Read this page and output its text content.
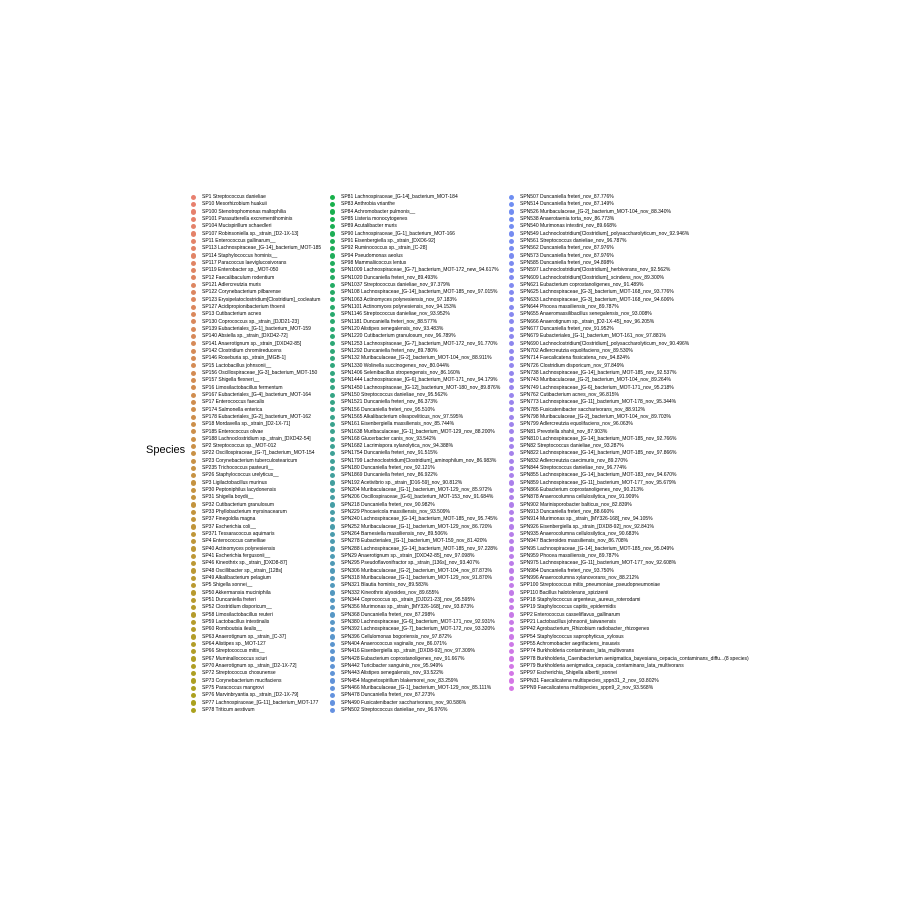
Species
SP1 Streptococcus danieliae
SP10 Mesorhizobium huakuii
SP100 Stenotrophomonas maltophilia
SP101 Parasutterella excrementihominis
SP104 Mucispirillum schaedleri
SP107 Robinsoniella sp._strain_[D2-1X-13]
SP11 Enterococcus gallinarum__
SP113 Lachnospiraceae_[G-14]_bacterium_MOT-185
SP114 Staphylococcus hominis__
SP117 Paracoccus laeviglucosivorans
SP119 Enterobacter sp._MOT-050
SP12 Faecalibaculum rodentium
SP121 Adlercreutzia muris
SP122 Corynebacterium pilbarense
SP123 Erysipelatoclostridium[Clostridium]_cocleatum
SP127 Acidipropionibacterium thoenii
SP13 Cutibacterium acnes
SP130 Coprococcus sp._strain_[DJD21-23]
SP139 Eubacteriales_[G-1]_bacterium_MOT-159
SP140 Absiella sp._strain_[DXD42-72]
SP141 Anaerotignum sp._strain_[DXD42-85]
SP142 Clostridium chromiireducens
SP146 Roseburia sp._strain_[MGB-1]
SP15 Lactobacillus johnsonii__
SP156 Oscillospiraceae_[G-3]_bacterium_MOT-150
SP157 Shigella flexneri__
SP16 Limosilactobacillus fermentum
SP167 Eubacteriales_[G-4]_bacterium_MOT-164
SP17 Enterococcus faecalis
SP174 Salmonella enterica
SP178 Eubacteriales_[G-2]_bacterium_MOT-162
SP18 Mordavella sp._strain_[D2-1X-71]
SP185 Enterococcus olivae
SP188 Lachnoclostridium sp._strain_[DXD42-54]
SP2 Streptococcus sp._MOT-012
SP22 Oscillospiraceae_[G-7]_bacterium_MOT-154
SP23 Corynebacterium tuberculostearicum
SP235 Trichococcus pasteurii__
SP26 Staphylococcus urelyticus__
SP3 Ligilactobacillus murinus
SP30 Peptoniphilus lacydonensis
SP31 Shigella boydii__
SP32 Cutibacterium granulosum
SP33 Phyllobacterium myrsinacearum
SP37 Finegoldia magna
SP37 Escherichia coli__
SP371 Tessaracoccus aquimaris
SP4 Enterococcus camelliae
SP40 Actinomyces polynesiensis
SP41 Escherichia fergusonii__
SP46 Kineothrix sp._strain_[DXD8-87]
SP48 Oscillibacter sp._strain_[128s]
SP49 Alkalibacterium pelagium
SP5 Shigella sonnei__
SP50 Akkermansia muciniphila
SP51 Duncaniella freteri
SP52 Clostridium disporicum__
SP58 Limosilactobacillus reuteri
SP59 Lactobacillus intestinalis
SP60 Romboutsia ilealis__
SP63 Anaerotignum sp._strain_[C-37]
SP64 Alistipes sp._MOT-127
SP66 Streptococcus mitis__
SP67 Muminallococcus sciuri
SP70 Anaerotignum sp._strain_[D2-1X-72]
SP72 Streptococcus chosunense
SP73 Corynebacterium mucifaciens
SP75 Paracoccus mangrovi
SP76 Marvinbryantia sp._strain_[D2-1X-79]
SP77 Lachnospiraceae_[G-11]_bacterium_MOT-177
SP78 Triticum aestivum
SP81 Lachnospiraceae_[G-14]_bacterium_MOT-184
SP83 Anthrobia vrianthe
SP84 Achromobacter pulmonis__
SP85 Listeria monocytogenes
SP89 Acutalibacter muris
SP90 Lachnospiraceae_[G-1]_bacterium_MOT-166
SP91 Eisenbergiella sp._strain_[DXD6-92]
SP92 Ruminococcus sp._strain_[C-28]
SP94 Pseudomonas aeolus
SP98 Mammaliicoccus lentus
SPN1009 Lachnospiraceae_[G-7]_bacterium_MOT-172_new_94.617%
SPN1020 Duncaniella freteri_nov_89.493%
SPN1037 Streptococcus danieliae_nov_97.379%
SPN108 Lachnospiraceae_[G-14]_bacterium_MOT-185_nov_97.015%
SPN1063 Actinomyces polynesiensis_nov_97.183%
SPN1101 Actinomyces polynesiensis_nov_94.153%
SPN1146 Streptococcus danieliae_nov_93.952%
SPN1181 Duncaniella freteri_nov_88.577%
SPN120 Alistipes senegalensis_nov_93.483%
SPN1220 Cutibacterium granulosum_nov_96.789%
SPN1253 Lachnospiraceae_[G-7]_bacterium_MOT-172_nov_91.770%
SPN1292 Duncaniella freteri_nov_89.780%
SPN132 Muribaculaceae_[G-2]_bacterium_MOT-104_nov_88.911%
SPN1330 Wolinella succinogenes_nov_80.044%
SPN1406 Selenibacillus stropengensis_nov_86.160%
SPN1444 Lachnospiraceae_[G-6]_bacterium_MOT-171_nov_94.179%
SPN1450 Lachnospiraceae_[G-12]_bacterium_MOT-180_nov_89.876%
SPN150 Streptococcus danieliae_nov_95.562%
SPN1521 Duncaniella freteri_nov_86.373%
SPN156 Duncaniella freteri_nov_95.510%
SPN1565 Alkalibacterium olivapovliticus_nov_97.595%
SPN161 Eisenbergiella massiliensis_nov_85.744%
SPN1638 Muribaculaceae_[G-1]_bacterium_MOT-129_nov_88.200%
SPN168 Glucerbacter canis_nov_93.542%
SPN1682 Lacrimispora xylanolytica_nov_94.388%
SPN1754 Duncaniella freteri_nov_91.515%
SPN1799 Lachnoclostridium[Clostridium]_aminophilum_nov_86.983%
SPN180 Duncaniella freteri_nov_92.121%
SPN1869 Duncaniella freteri_nov_86.922%
SPN192 Acetivibrio sp._strain_[D16-59]_nov_90.812%
SPN204 Muribaculaceae_[G-1]_bacterium_MOT-129_nov_85.972%
SPN206 Oscillospiraceae_[G-6]_bacterium_MOT-153_nov_91.684%
SPN218 Duncaniella freteri_nov_90.982%
SPN229 Phocaeicola massiliensis_nov_93.509%
SPN240 Lachnospiraceae_[G-14]_bacterium_MOT-185_nov_95.745%
SPN252 Muribaculaceae_[G-1]_bacterium_MOT-129_nov_86.720%
SPN264 Barnesiella massiliensis_nov_89.506%
SPN278 Eubacteriales_[G-1]_bacterium_MOT-159_nov_81.420%
SPN288 Lachnospiraceae_[G-14]_bacterium_MOT-185_nov_97.228%
SPN29 Anaerotignum sp._strain_[DXD42-85]_nov_97.098%
SPN295 Pseudoflavonifractor sp._strain_[136s]_nov_93.407%
SPN306 Muribaculaceae_[G-2]_bacterium_MOT-104_nov_87.873%
SPN318 Muribaculaceae_[G-1]_bacterium_MOT-129_nov_91.870%
SPN321 Blautia hominis_nov_89.583%
SPN332 Kineothrix alysoides_nov_89.655%
SPN344 Coprococcus sp._strain_[DJD21-23]_nov_95.595%
SPN356 Murimonas sp._strain_[MY326-168]_nov_93.873%
SPN368 Duncaniella freteri_nov_87.298%
SPN380 Lachnospiraceae_[G-6]_bacterium_MOT-171_nov_92.931%
SPN392 Lachnospiraceae_[G-7]_bacterium_MOT-172_nov_93.320%
SPN396 Cellulomonas bogoriensis_nov_97.872%
SPN404 Anaerococcus vaginalis_nov_86.071%
SPN416 Eisenbergiella sp._strain_[DXD8-92]_nov_97.309%
SPN428 Eubacterium coprostanoligenes_nov_91.667%
SPN442 Turicibacter sanguinis_nov_95.949%
SPN443 Alistipes senegalensis_nov_93.522%
SPN454 Magnetospirillum blakemorei_nov_83.259%
SPN466 Muribaculaceae_[G-1]_bacterium_MOT-129_nov_85.111%
SPN478 Duncaniella freteri_nov_87.273%
SPN490 Fusicatenibacter saccharivorans_nov_90.586%
SPN502 Streptococcus danieliae_nov_96.976%
SPN507 Duncaniella freteri_nov_87.776%
SPN514 Duncaniella freteri_nov_87.149%
SPN526 Muribaculaceae_[G-2]_bacterium_MOT-104_nov_88.340%
SPN538 Anaerotaenia torta_nov_86.773%
SPN540 Murimonas intestini_nov_89.668%
SPN549 Lachnoclostridium[Clostridium]_polysaccharolyticum_nov_92.946%
SPN561 Streptococcus danieliae_nov_96.787%
SPN562 Duncaniella freteri_nov_87.976%
SPN573 Duncaniella freteri_nov_87.976%
SPN585 Duncaniella freteri_nov_94.898%
SPN597 Lachnoclostridium[Clostridium]_herbivorans_nov_92.562%
SPN609 Lachnoclostridium[Clostridium]_scindens_nov_89.300%
SPN621 Eubacterium coprostanoligenes_nov_91.489%
SPN625 Lachnospiraceae_[G-3]_bacterium_MOT-168_nov_93.776%
SPN633 Lachnospiraceae_[G-3]_bacterium_MOT-168_nov_94.606%
SPN644 Phocea massiliensis_nov_89.787%
SPN655 Anaeromassilibacillus senegalensis_nov_93.008%
SPN666 Anaerotignum sp._strain_[D2-1X-45]_nov_96.205%
SPN677 Duncaniella freteri_nov_91.952%
SPN679 Eubacteriales_[G-1]_bacterium_MOT-161_nov_97.881%
SPN690 Lachnoclostridium[Clostridium]_polysaccharolyticum_nov_90.496%
SPN702 Adlercreutzia equolifaciens_nov_89.530%
SPN714 Faecalicatena fissicatena_nov_94.824%
SPN726 Clostridium disporicum_nov_97.849%
SPN738 Lachnospiraceae_[G-14]_bacterium_MOT-185_nov_92.537%
SPN743 Muribaculaceae_[G-2]_bacterium_MOT-104_nov_89.264%
SPN749 Lachnospiraceae_[G-6]_bacterium_MOT-171_nov_95.218%
SPN762 Cutibacterium acnes_nov_96.815%
SPN773 Lachnospiraceae_[G-11]_bacterium_MOT-178_nov_95.344%
SPN785 Fusicatenibacter saccharivorans_nov_88.912%
SPN798 Muribaculaceae_[G-2]_bacterium_MOT-104_nov_89.703%
SPN799 Adlercreutzia equolifaciens_nov_96.063%
SPN81 Prevotella shahii_nov_87.903%
SPN810 Lachnospiraceae_[G-14]_bacterium_MOT-185_nov_92.766%
SPN82 Streptococcus danieliae_nov_93.287%
SPN822 Lachnospiraceae_[G-14]_bacterium_MOT-185_nov_97.866%
SPN832 Adlercreutzia caecimuris_nov_89.270%
SPN844 Streptococcus danieliae_nov_96.774%
SPN855 Lachnospiraceae_[G-14]_bacterium_MOT-183_nov_94.670%
SPN859 Lachnospiraceae_[G-11]_bacterium_MOT-177_nov_95.679%
SPN866 Eubacterium coprostanoligenes_nov_90.213%
SPN878 Anaerocolumna cellulosilytica_nov_91.909%
SPN902 Marinisporobacter balticus_nov_82.839%
SPN913 Duncaniella freteri_nov_88.660%
SPN914 Murimonas sp._strain_[MY326-168]_nov_94.105%
SPN926 Eisenbergiella sp._strain_[DXD8-92]_nov_92.841%
SPN935 Anaerocolumna cellulosilytica_nov_90.683%
SPN947 Bacteroides massiliensis_nov_86.708%
SPN95 Lachnospiraceae_[G-14]_bacterium_MOT-185_nov_95.049%
SPN959 Phocea massiliensis_nov_89.787%
SPN975 Lachnospiraceae_[G-11]_bacterium_MOT-177_nov_92.608%
SPN984 Duncaniella freteri_nov_93.750%
SPN996 Anaerocolumna xylanovorans_nov_88.212%
SPP100 Streptococcus mitis_pneumoniae_pseudopneumoniae
SPP110 Bacillus halotolerans_spizizenii
SPP18 Staphylococcus argenteus_aureus_roterodami
SPP19 Staphylococcus capitis_epidermidis
SPP2 Enterococcus casseliflavus_gallinarum
SPP21 Lactobacillus johnsonii_taiwanensis
SPP42 Agrobacterium_Rhizobium radiobacter_rhizogenes
SPP54 Staphylococcus saprophyticus_xylosus
SPP55 Achromobacter aegrifaciens_insuavis
SPP74 Burkholderia contaminans_lata_multivorans
SPP78 Burkholderia_Caenibacterium aenigmatica_bayesiana_cepacia_contaminans_diffu...(8 species)
SPP79 Burkholderia aenigmatica_cepacia_contaminans_lata_multivorans
SPP97 Escherichia_Shigella albertii_sonnei
SPPN31 Faecalicatena multispecies_sppn31_2_nov_93.802%
SPPN9 Faecalicatena multispecies_sppn9_2_nov_93.568%
